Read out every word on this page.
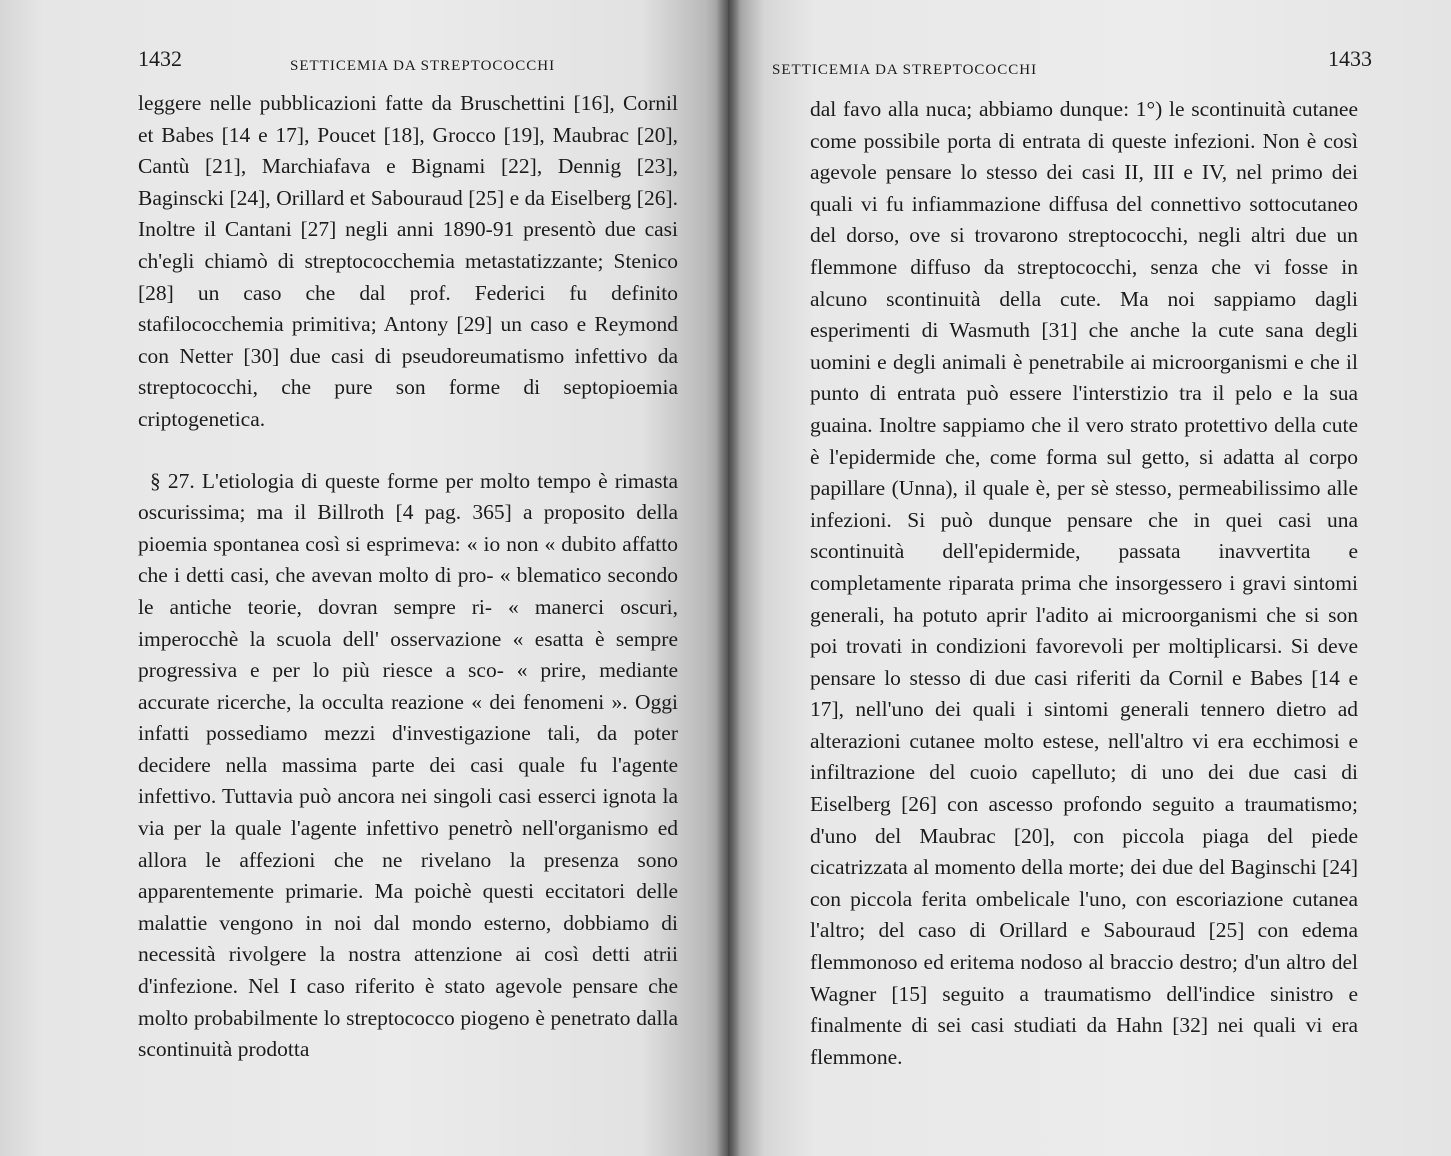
1432	SETTICEMIA DA STREPTOCOCCHI

leggere nelle pubblicazioni fatte da Bruschettini [16], Cornil et Babes [14 e 17], Poucet [18], Grocco [19], Maubrac [20], Cantù [21], Marchiafava e Bignami [22], Dennig [23], Baginscki [24], Orillard et Sabouraud [25] e da Eiselberg [26]. Inoltre il Cantani [27] negli anni 1890-91 presentò due casi ch'egli chiamò di streptococchemia metastatizzante; Stenico [28] un caso che dal prof. Federici fu definito stafilococchemia primitiva; Antony [29] un caso e Reymond con Netter [30] due casi di pseudoreumatismo infettivo da streptococchi, che pure son forme di septopioemia criptogenetica.

§ 27. L'etiologia di queste forme per molto tempo è rimasta oscurissima; ma il Billroth [4 pag. 365] a proposito della pioemia spontanea così si esprimeva: « io non « dubito affatto che i detti casi, che avevan molto di pro- « blematico secondo le antiche teorie, dovran sempre ri- « manerci oscuri, imperocchè la scuola dell' osservazione « esatta è sempre progressiva e per lo più riesce a sco- « prire, mediante accurate ricerche, la occulta reazione « dei fenomeni ». Oggi infatti possediamo mezzi d'investigazione tali, da poter decidere nella massima parte dei casi quale fu l'agente infettivo. Tuttavia può ancora nei singoli casi esserci ignota la via per la quale l'agente infettivo penetrò nell'organismo ed allora le affezioni che ne rivelano la presenza sono apparentemente primarie. Ma poichè questi eccitatori delle malattie vengono in noi dal mondo esterno, dobbiamo di necessità rivolgere la nostra attenzione ai così detti atrii d'infezione. Nel I caso riferito è stato agevole pensare che molto probabilmente lo streptococco piogeno è penetrato dalla scontinuità prodotta

SETTICEMIA DA STREPTOCOCCHI	1433

dal favo alla nuca; abbiamo dunque: 1°) le scontinuità cutanee come possibile porta di entrata di queste infezioni. Non è così agevole pensare lo stesso dei casi II, III e IV, nel primo dei quali vi fu infiammazione diffusa del connettivo sottocutaneo del dorso, ove si trovarono streptococchi, negli altri due un flemmone diffuso da streptococchi, senza che vi fosse in alcuno scontinuità della cute. Ma noi sappiamo dagli esperimenti di Wasmuth [31] che anche la cute sana degli uomini e degli animali è penetrabile ai microorganismi e che il punto di entrata può essere l'interstizio tra il pelo e la sua guaina. Inoltre sappiamo che il vero strato protettivo della cute è l'epidermide che, come forma sul getto, si adatta al corpo papillare (Unna), il quale è, per sè stesso, permeabilissimo alle infezioni. Si può dunque pensare che in quei casi una scontinuità dell'epidermide, passata inavvertita e completamente riparata prima che insorgessero i gravi sintomi generali, ha potuto aprir l'adito ai microorganismi che si son poi trovati in condizioni favorevoli per moltiplicarsi. Si deve pensare lo stesso di due casi riferiti da Cornil e Babes [14 e 17], nell'uno dei quali i sintomi generali tennero dietro ad alterazioni cutanee molto estese, nell'altro vi era ecchimosi e infiltrazione del cuoio capelluto; di uno dei due casi di Eiselberg [26] con ascesso profondo seguito a traumatismo; d'uno del Maubrac [20], con piccola piaga del piede cicatrizzata al momento della morte; dei due del Baginschi [24] con piccola ferita ombelicale l'uno, con escoriazione cutanea l'altro; del caso di Orillard e Sabouraud [25] con edema flemmonoso ed eritema nodoso al braccio destro; d'un altro del Wagner [15] seguito a traumatismo dell'indice sinistro e finalmente di sei casi studiati da Hahn [32] nei quali vi era flemmone.
